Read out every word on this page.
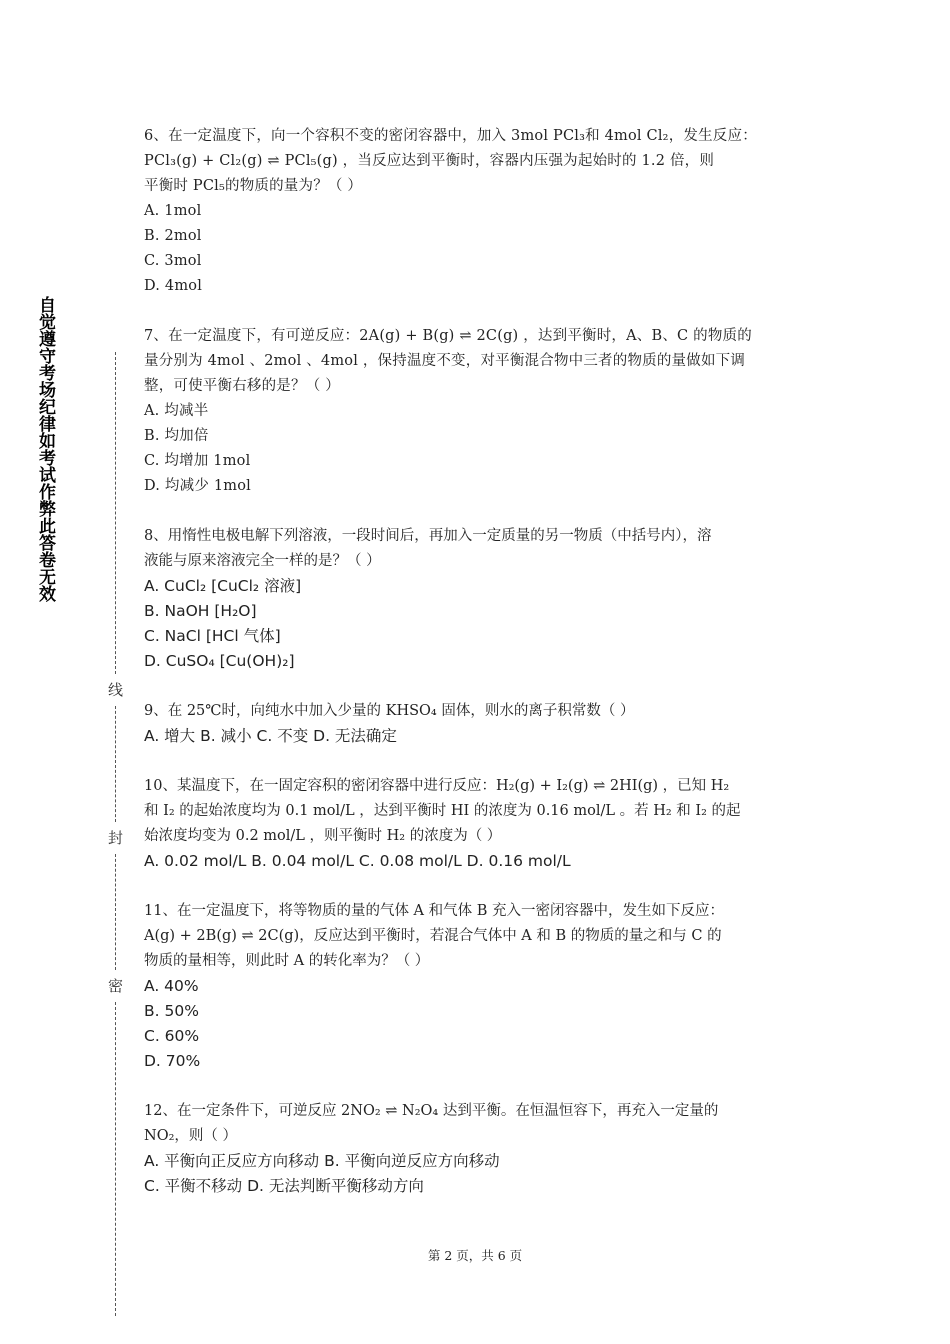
自觉遵守考场纪律如考试作弊此答卷无效
线
封
密
6、在一定温度下，向一个容积不变的密闭容器中，加入 3mol PCl₃和 4mol Cl₂，发生反应：
PCl₃(g) + Cl₂(g) ⇌ PCl₅(g) ，当反应达到平衡时，容器内压强为起始时的 1.2 倍，则
平衡时 PCl₅的物质的量为？（ ）
A. 1mol
B. 2mol
C. 3mol
D. 4mol
7、在一定温度下，有可逆反应：2A(g) + B(g) ⇌ 2C(g) ，达到平衡时，A、B、C 的物质的
量分别为 4mol 、2mol 、4mol ，保持温度不变，对平衡混合物中三者的物质的量做如下调
整，可使平衡右移的是？（ ）
A. 均减半
B. 均加倍
C. 均增加 1mol
D. 均减少 1mol
8、用惰性电极电解下列溶液，一段时间后，再加入一定质量的另一物质（中括号内），溶
液能与原来溶液完全一样的是？（ ）
A. CuCl₂ [CuCl₂ 溶液]
B. NaOH [H₂O]
C. NaCl [HCl 气体]
D. CuSO₄ [Cu(OH)₂]
9、在 25℃时，向纯水中加入少量的 KHSO₄ 固体，则水的离子积常数（ ）
A. 增大 B. 减小 C. 不变 D. 无法确定
10、某温度下，在一固定容积的密闭容器中进行反应：H₂(g) + I₂(g) ⇌ 2HI(g) ，已知 H₂
和 I₂ 的起始浓度均为 0.1 mol/L ，达到平衡时 HI 的浓度为 0.16 mol/L 。若 H₂ 和 I₂ 的起
始浓度均变为 0.2 mol/L ，则平衡时 H₂ 的浓度为（ ）
A. 0.02 mol/L B. 0.04 mol/L C. 0.08 mol/L D. 0.16 mol/L
11、在一定温度下，将等物质的量的气体 A 和气体 B 充入一密闭容器中，发生如下反应：
A(g) + 2B(g) ⇌ 2C(g)，反应达到平衡时，若混合气体中 A 和 B 的物质的量之和与 C 的
物质的量相等，则此时 A 的转化率为？（ ）
A. 40%
B. 50%
C. 60%
D. 70%
12、在一定条件下，可逆反应 2NO₂ ⇌ N₂O₄ 达到平衡。在恒温恒容下，再充入一定量的
NO₂，则（ ）
A. 平衡向正反应方向移动 B. 平衡向逆反应方向移动
C. 平衡不移动 D. 无法判断平衡移动方向
第 2 页，共 6 页
